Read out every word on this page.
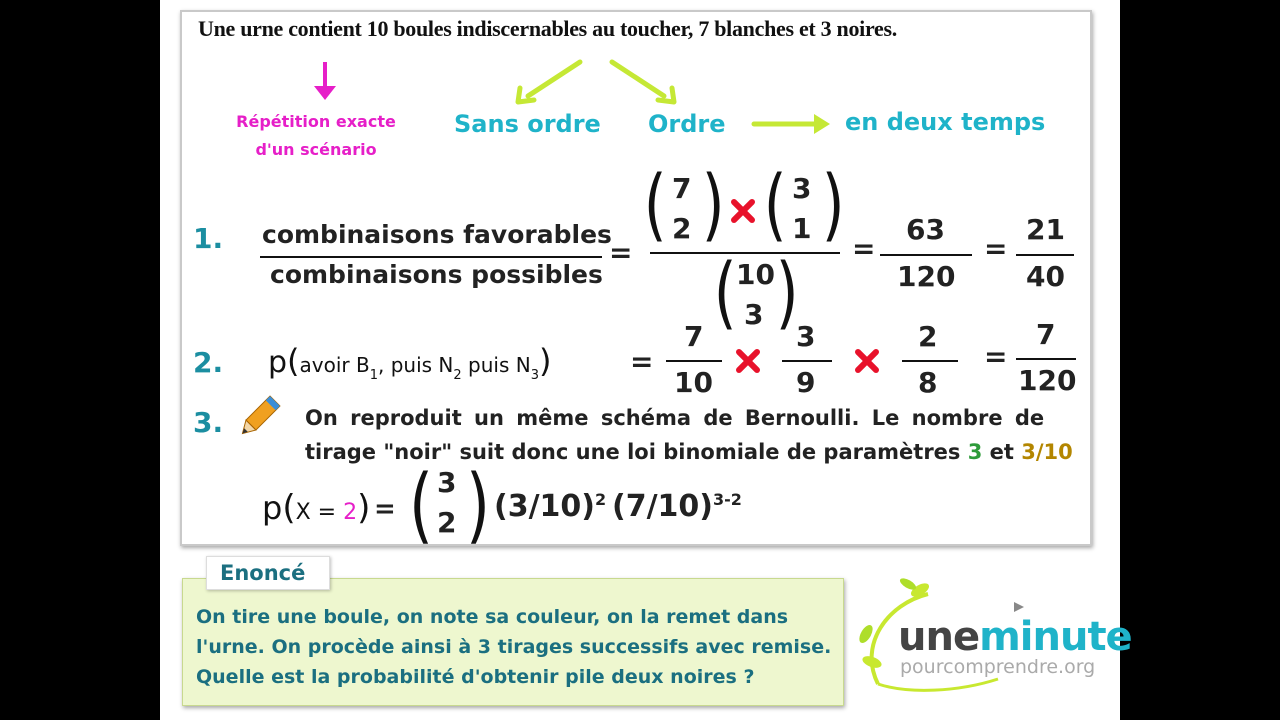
Une urne contient 10 boules indiscernables au toucher, 7 blanches et 3 noires.
Répétition exacte
d'un scénario
Sans ordre Ordre	en deux temps
1. combinaisons favorables
combinaisons possibles
=
( 7
2 ) ( 3
1 )
( 10
3 ) =
63
120
=
21
40
2. p(avoir $B_1$, puis $N_2$ puis $N_3$)	=
7
10
3
9
2
8
=
7
120
3.	On reproduit un même schéma de Bernoulli. Le nombre de
tirage "noir" suit donc une loi binomiale de paramètres 3 et 3/10
p(X = 2) = ( 3
2 ) $(3/10)^2$ $(7/10)^{3-2}$
Enoncé
On tire une boule, on note sa couleur, on la remet dans
l'urne. On procède ainsi à 3 tirages successifs avec remise.
Quelle est la probabilité d'obtenir pile deux noires ?
uneminute
pourcomprendre.org
